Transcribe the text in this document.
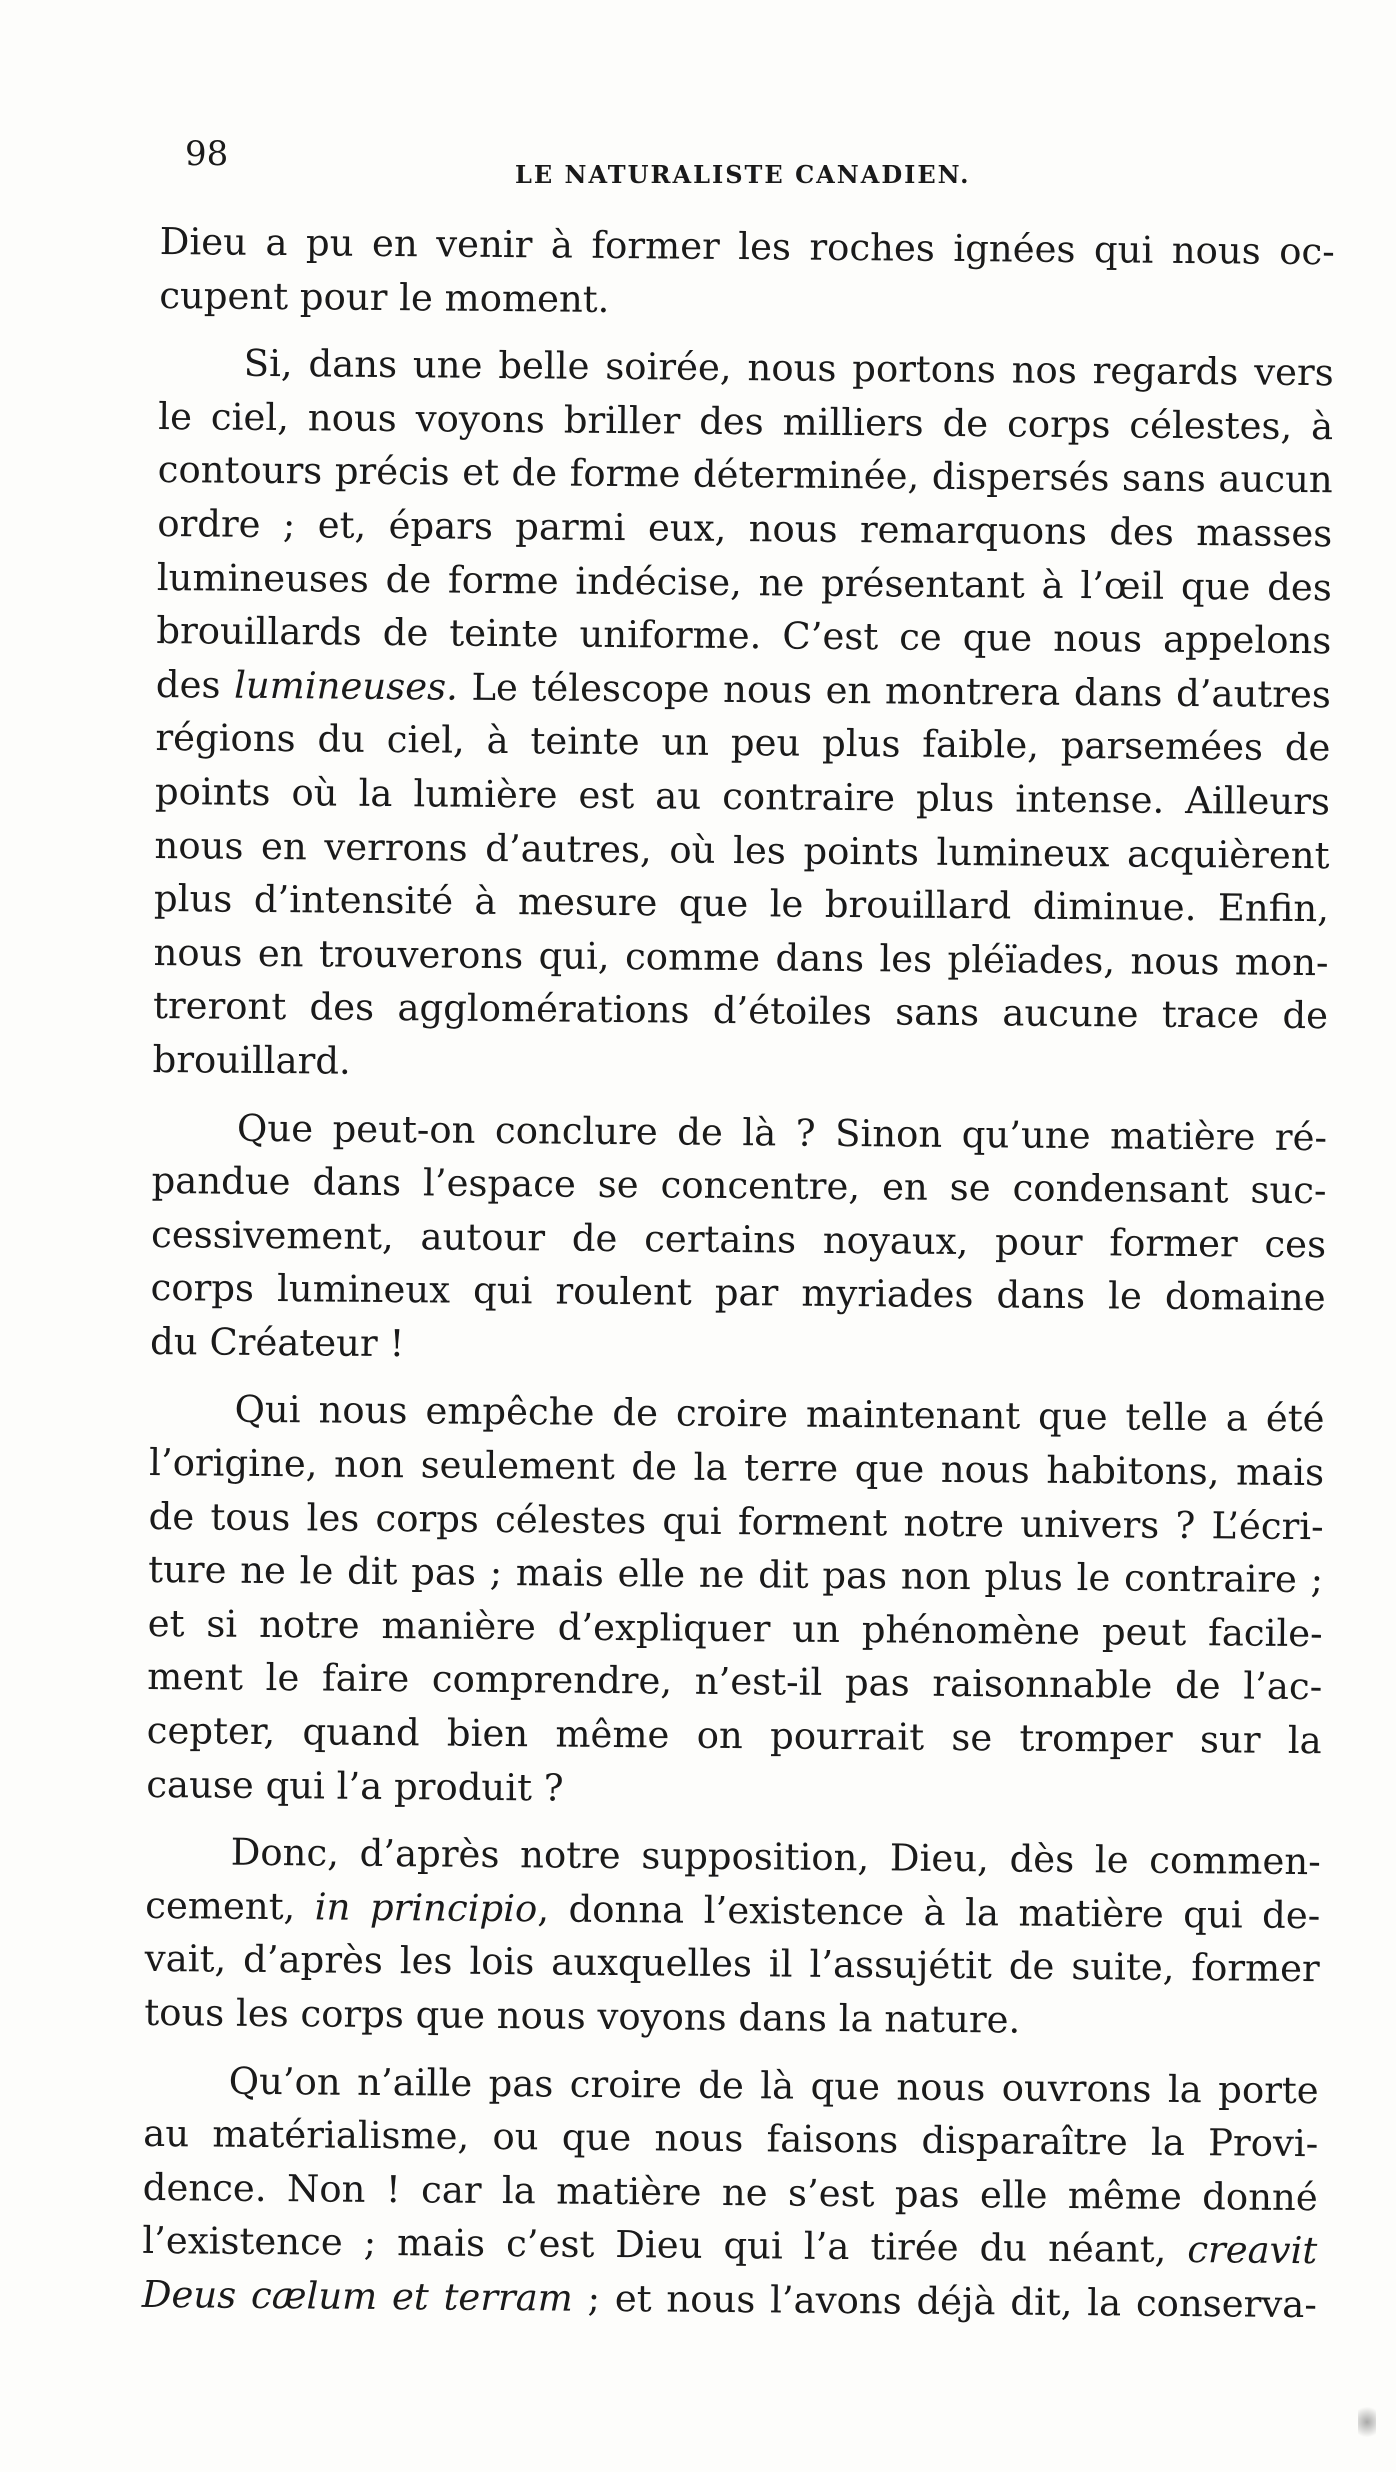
98
LE NATURALISTE CANADIEN.

Dieu a pu en venir à former les roches ignées qui nous oc-
cupent pour le moment.

Si, dans une belle soirée, nous portons nos regards vers
le ciel, nous voyons briller des milliers de corps célestes, à
contours précis et de forme déterminée, dispersés sans aucun
ordre ; et, épars parmi eux, nous remarquons des masses
lumineuses de forme indécise, ne présentant à l’œil que des
brouillards de teinte uniforme. C’est ce que nous appelons
des lumineuses. Le télescope nous en montrera dans d’autres
régions du ciel, à teinte un peu plus faible, parsemées de
points où la lumière est au contraire plus intense. Ailleurs
nous en verrons d’autres, où les points lumineux acquièrent
plus d’intensité à mesure que le brouillard diminue. Enfin,
nous en trouverons qui, comme dans les pléïades, nous mon-
treront des agglomérations d’étoiles sans aucune trace de
brouillard.

Que peut-on conclure de là ? Sinon qu’une matière ré-
pandue dans l’espace se concentre, en se condensant suc-
cessivement, autour de certains noyaux, pour former ces
corps lumineux qui roulent par myriades dans le domaine
du Créateur !

Qui nous empêche de croire maintenant que telle a été
l’origine, non seulement de la terre que nous habitons, mais
de tous les corps célestes qui forment notre univers ? L’écri-
ture ne le dit pas ; mais elle ne dit pas non plus le contraire ;
et si notre manière d’expliquer un phénomène peut facile-
ment le faire comprendre, n’est-il pas raisonnable de l’ac-
cepter, quand bien même on pourrait se tromper sur la
cause qui l’a produit ?

Donc, d’après notre supposition, Dieu, dès le commen-
cement, in principio, donna l’existence à la matière qui de-
vait, d’après les lois auxquelles il l’assujétit de suite, former
tous les corps que nous voyons dans la nature.

Qu’on n’aille pas croire de là que nous ouvrons la porte
au matérialisme, ou que nous faisons disparaître la Provi-
dence. Non ! car la matière ne s’est pas elle même donné
l’existence ; mais c’est Dieu qui l’a tirée du néant, creavit
Deus cælum et terram ; et nous l’avons déjà dit, la conserva-
